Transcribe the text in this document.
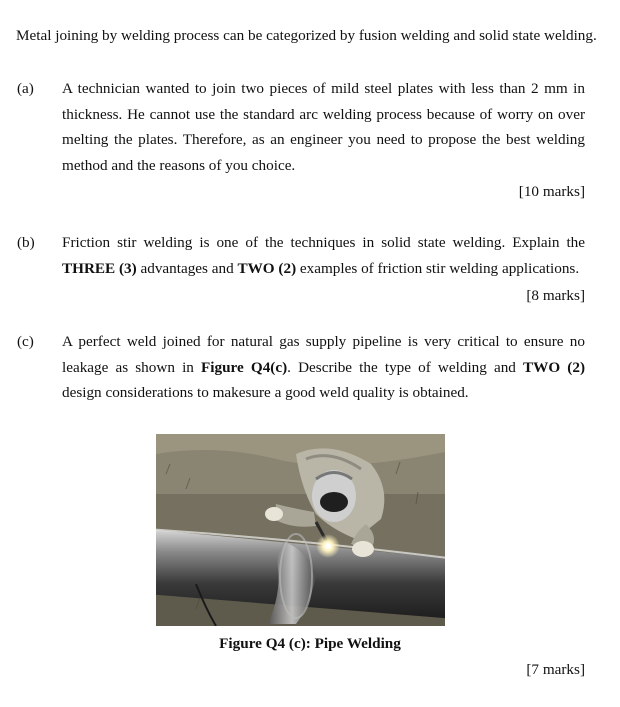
Metal joining by welding process can be categorized by fusion welding and solid state welding.
(a) A technician wanted to join two pieces of mild steel plates with less than 2 mm in thickness. He cannot use the standard arc welding process because of worry on over melting the plates. Therefore, as an engineer you need to propose the best welding method and the reasons of you choice.
[10 marks]
(b) Friction stir welding is one of the techniques in solid state welding. Explain the THREE (3) advantages and TWO (2) examples of friction stir welding applications.
[8 marks]
(c) A perfect weld joined for natural gas supply pipeline is very critical to ensure no leakage as shown in Figure Q4(c). Describe the type of welding and TWO (2) design considerations to makesure a good weld quality is obtained.
Figure Q4 (c): Pipe Welding
[7 marks]
